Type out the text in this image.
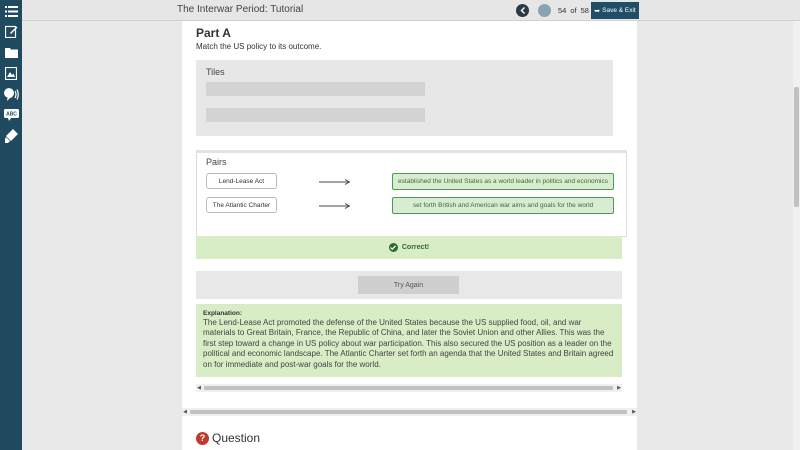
ABC
The Interwar Period: Tutorial	54 of 58 ➥ Save & Exit
Part A
Match the US policy to its outcome.
Tiles
Pairs
Lend-Lease Act	established the United States as a world leader in politics and economics
The Atlantic Charter	set forth British and American war aims and goals for the world
Correct!
Try Again
Explanation:
The Lend-Lease Act promoted the defense of the United States because the US supplied food, oil, and war materials to Great Britain, France, the Republic of China, and later the Soviet Union and other Allies. This was the first step toward a change in US policy about war participation. This also secured the US position as a leader on the political and economic landscape. The Atlantic Charter set forth an agenda that the United States and Britain agreed on for immediate and post-war goals for the world.
◀	▶
◀	▶
? Question
